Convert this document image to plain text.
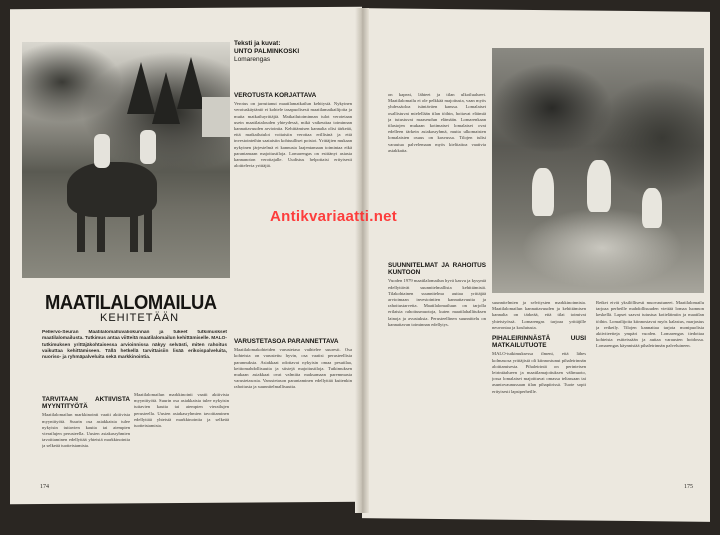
Teksti ja kuvat:
UNTO PALMINKOSKI
Lomarengas
VEROTUSTA KORJATTAVA
Verotus on jarruttanut maatilamatkailun kehitystä. Nykyinen verotuskäytäntö ei kohtele tasapuolisesti maatilamatkailijoita ja muita matkailuyrittäjiä. Matkailutoiminnan tulot verotetaan usein maatilatalouden yhteydessä, mikä vaikeuttaa toiminnan kannattavuuden arviointia. Kehittämisen kannalta olisi tärkeää, että matkailutulot voitaisiin verottaa erillisinä ja että investointeihin saataisiin kohtuulliset poistot. Yrittäjien mukaan nykyinen järjestelmä ei kannusta laajentamaan toimintaa eikä parantamaan majoitustiloja. Lomarengas on esittänyt asiasta kannanoton verottajalle. Uudistus helpottaisi erityisesti aloittelevia yrittäjiä.
MAATILALOMAILUA
KEHITETÄÄN
Pellervo-Seuran Maatilalomalluvaliokunnan ja tukeet tutkimuskset maatilalomailusta. Tutkimus antaa viitteitä maatilalomailun kehittämiselle. MALO-tutkimuksen yrittäjäkohtaisessa arvioinnissa näkyy selvästi, miten rahoitus vaikuttaa kehittämiseen. Tällä hetkellä tarvittaisiin lisää erikoispalveluita, nuoriso- ja ryhmäpalveluita sekä markkinointia.
TARVITAAN AKTIIVISTA MYYNTITYÖTÄ
Maatilalomailun markkinointi vaatii aktiivista myyntityötä. Suurin osa asiakkaista tulee nykyisin tuttavien kautta tai aiempien vierailujen perusteella. Uusien asiakasryhmien tavoittaminen edellyttää yhteistä markkinointia ja selkeää tuotteistamista.
Maatilalomailun markkinointi vaatii aktiivista myyntityötä. Suurin osa asiakkaista tulee nykyisin tuttavien kautta tai aiempien vierailujen perusteella. Uusien asiakasryhmien tavoittaminen edellyttää yhteistä markkinointia ja selkeää tuotteistamista.
VARUSTETASOA PARANNETTAVA
Maatilalomakohteiden varustetaso vaihtelee suuresti. Osa kohteista on varustettu hyvin, osa vaatisi perusteellisia parannuksia. Asiakkaat odottavat nykyisin omaa pesutilaa, keittomahdollisuutta ja siistejä majoitustiloja. Tutkimuksen mukaan asiakkaat ovat valmiita maksamaan paremmasta varustetasosta. Varustetason parantaminen edellyttää kuitenkin rahoitusta ja suunnitelmallisuutta.
on kapeat, lähteet ja tilan ulkoilualueet. Maatilalomailu ei ole pelkkää majoitusta, vaan myös yhdessäoloa isäntäväen kanssa. Lomalaiset osallistuvat mielellään tilan töihin, hoitavat eläimiä ja tutustuvat maaseudun elämään. Lomarenkaan tilastojen mukaan kotimaiset lomalaiset ovat edelleen tärkein asiakasryhmä, mutta ulkomaisten lomalaisten osuus on kasvussa. Tilojen tulisi varautua palvelemaan myös kielitaitoa vaativia asiakkaita.
SUUNNITELMAT JA RAHOITUS KUNTOON
Vuoden 1979 maatilalomailun hyvä kasvu ja kysyntä edellyttävät suunnitelmallista kehittämistä. Tilakohtainen suunnitelma auttaa yrittäjää arvioimaan investointien kannattavuutta ja rahoitustarvetta. Maatilalomailuun on tarjolla erilaisia rahoitusmuotoja, kuten maatilahallituksen lainoja ja avustuksia. Perusteellinen suunnittelu on kannattavan toiminnan edellytys.
suunnitelmien ja selvitysten markkinoinnista. Maatilalomailun kannattavuuden ja kehittämisen kannalta on tärkeää, että tilat toimivat yhteistyössä. Lomarengas tarjoaa yrittäjille neuvontaa ja koulutusta.
PIHALEIRINNÄSTÄ UUSI MATKAILUTUOTE
MALO-tutkimuksessa ilmeni, että lähes kolmasosa yrittäjistä oli kiinnostunut pihaleirinnän aloittamisesta. Pihaleirintä on perinteisen leirintäalueen ja maatilamajoituksen välimuoto, jossa lomalaiset majoittuvat omassa teltassaan tai asuntovaunussaan tilan pihapiirissä. Tuote sopii erityisesti lapsiperheille.
Retket eivät yksilöllisesti muovautuneet. Maatilalomailu tarjoaa perheille mahdollisuuden viettää lomaa luonnon keskellä. Lapset saavat tutustua kotieläimiin ja maatilan töihin. Lomailijoita kiinnostavat myös kalastus, marjastus ja retkeily. Tilojen kannattaa tarjota monipuolisia aktiviteetteja ympäri vuoden. Lomarengas tiedottaa kohteista esitteissään ja auttaa varausten hoidossa. Lomarengas käynnistää pihaleirinnän palveluineen.
174	175
Antikvariaatti.net
